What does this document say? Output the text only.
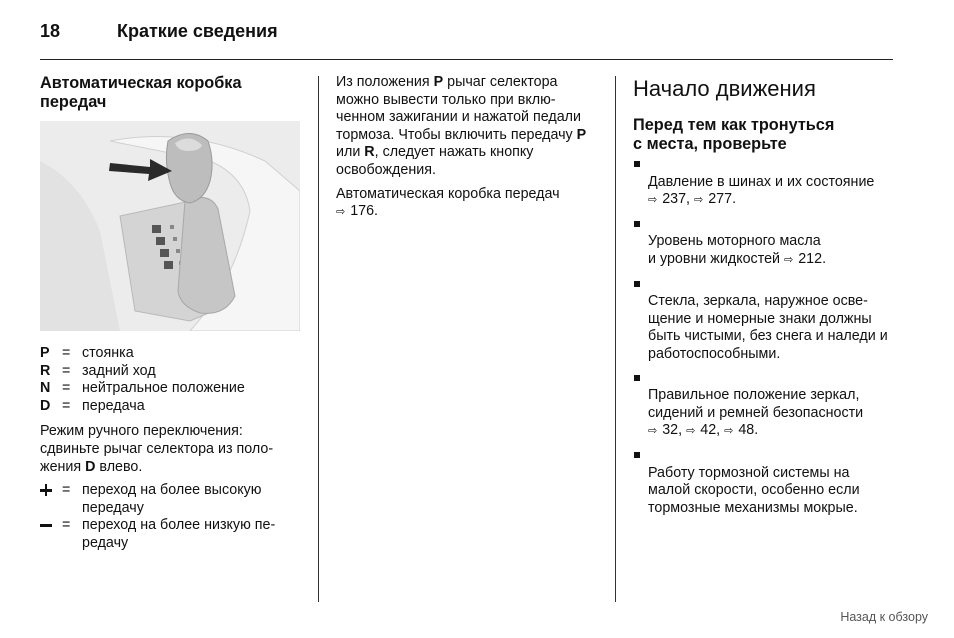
18	Краткие сведения
Автоматическая коробка передач
P = стоянка
R = задний ход
N = нейтральное положение
D = передача

Режим ручного переключения: сдвиньте рычаг селектора из положения D влево.

= переход на более высокую передачу
= переход на более низкую передачу

Из положения P рычаг селектора можно вывести только при включенном зажигании и нажатой педали тормоза. Чтобы включить передачу P или R, следует нажать кнопку освобождения.

Автоматическая коробка передач
⇨ 176.

Начало движения
Перед тем как тронуться
с места, проверьте

Давление в шинах и их состояние
⇨ 237, ⇨ 277.

Уровень моторного масла
и уровни жидкостей ⇨ 212.

Стекла, зеркала, наружное освещение и номерные знаки должны быть чистыми, без снега и наледи и работоспособными.

Правильное положение зеркал, сидений и ремней безопасности
⇨ 32, ⇨ 42, ⇨ 48.

Работу тормозной системы на малой скорости, особенно если тормозные механизмы мокрые.

Назад к обзору
